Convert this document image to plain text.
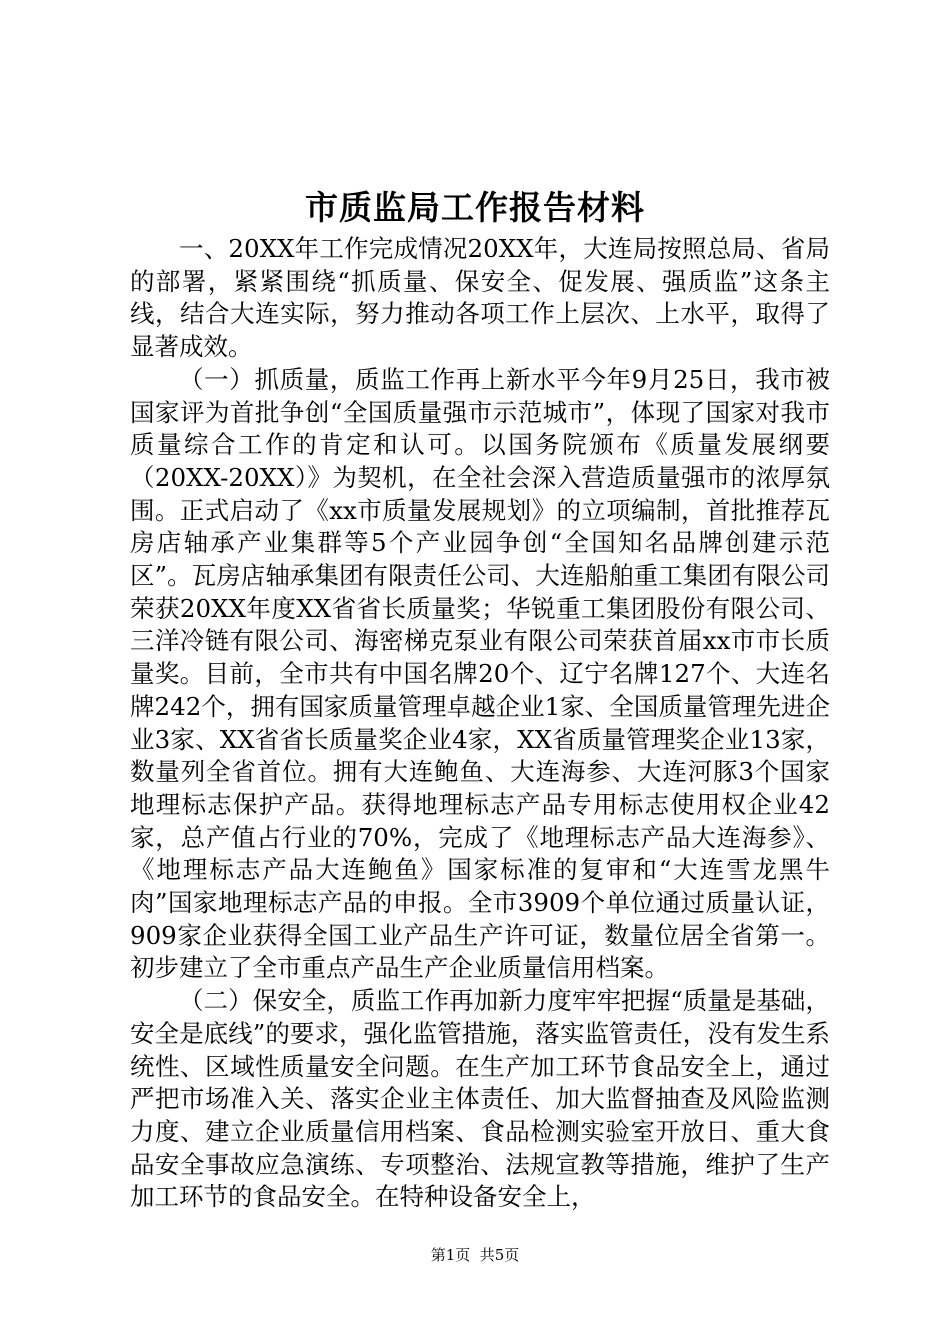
市质监局工作报告材料

一、20XX年工作完成情况20XX年，大连局按照总局、省局的部署，紧紧围绕“抓质量、保安全、促发展、强质监”这条主线，结合大连实际，努力推动各项工作上层次、上水平，取得了显著成效。

（一）抓质量，质监工作再上新水平今年9月25日，我市被国家评为首批争创“全国质量强市示范城市”，体现了国家对我市质量综合工作的肯定和认可。以国务院颁布《质量发展纲要（20XX-20XX）》为契机，在全社会深入营造质量强市的浓厚氛围。正式启动了《xx市质量发展规划》的立项编制，首批推荐瓦房店轴承产业集群等5个产业园争创“全国知名品牌创建示范区”。瓦房店轴承集团有限责任公司、大连船舶重工集团有限公司荣获20XX年度XX省省长质量奖；华锐重工集团股份有限公司、三洋冷链有限公司、海密梯克泵业有限公司荣获首届xx市市长质量奖。目前，全市共有中国名牌20个、辽宁名牌127个、大连名牌242个，拥有国家质量管理卓越企业1家、全国质量管理先进企业3家、XX省省长质量奖企业4家，XX省质量管理奖企业13家，数量列全省首位。拥有大连鲍鱼、大连海参、大连河豚3个国家地理标志保护产品。获得地理标志产品专用标志使用权企业42家，总产值占行业的70%，完成了《地理标志产品大连海参》、《地理标志产品大连鲍鱼》国家标准的复审和“大连雪龙黑牛肉”国家地理标志产品的申报。全市3909个单位通过质量认证，909家企业获得全国工业产品生产许可证，数量位居全省第一。初步建立了全市重点产品生产企业质量信用档案。

（二）保安全，质监工作再加新力度牢牢把握“质量是基础，安全是底线”的要求，强化监管措施，落实监管责任，没有发生系统性、区域性质量安全问题。在生产加工环节食品安全上，通过严把市场准入关、落实企业主体责任、加大监督抽查及风险监测力度、建立企业质量信用档案、食品检测实验室开放日、重大食品安全事故应急演练、专项整治、法规宣教等措施，维护了生产加工环节的食品安全。在特种设备安全上，

第1页  共5页
